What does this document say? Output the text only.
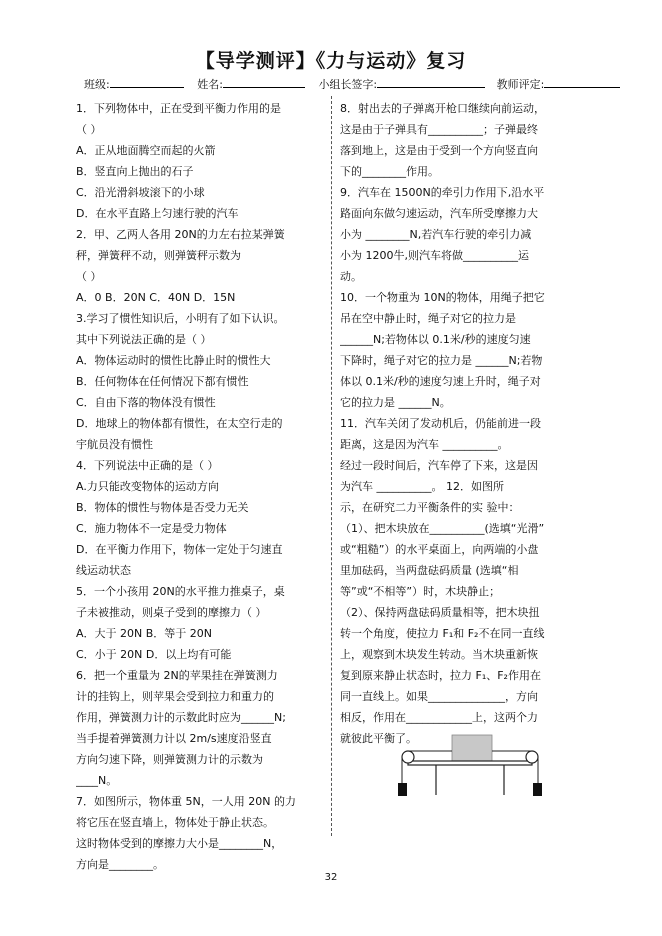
【导学测评】《力与运动》复习
班级:	姓名:	小组长签字:	教师评定:
1．下列物体中，正在受到平衡力作用的是
（ ）
A．正从地面腾空而起的火箭
B．竖直向上抛出的石子
C．沿光滑斜坡滚下的小球
D．在水平直路上匀速行驶的汽车
2．甲、乙两人各用 20N的力左右拉某弹簧
秤，弹簧秤不动，则弹簧秤示数为
（ ）
A．0 B．20N C．40N D．15N
3.学习了惯性知识后，小明有了如下认识。
其中下列说法正确的是（ ）
A．物体运动时的惯性比静止时的惯性大
B．任何物体在任何情况下都有惯性
C．自由下落的物体没有惯性
D．地球上的物体都有惯性，在太空行走的
宇航员没有惯性
4．下列说法中正确的是（ ）
A.力只能改变物体的运动方向
B．物体的惯性与物体是否受力无关
C．施力物体不一定是受力物体
D．在平衡力作用下，物体一定处于匀速直
线运动状态
5．一个小孩用 20N的水平推力推桌子，桌
子未被推动，则桌子受到的摩擦力（ ）
A．大于 20N B．等于 20N
C．小于 20N D．以上均有可能
6．把一个重量为 2N的苹果挂在弹簧测力
计的挂钩上，则苹果会受到拉力和重力的
作用，弹簧测力计的示数此时应为______N;
当手提着弹簧测力计以 2m/s速度沿竖直
方向匀速下降，则弹簧测力计的示数为
____N。
7．如图所示，物体重 5N，一人用 20N 的力
将它压在竖直墙上，物体处于静止状态。
这时物体受到的摩擦力大小是________N，
方向是________。
8．射出去的子弹离开枪口继续向前运动，
这是由于子弹具有__________；子弹最终
落到地上，这是由于受到一个方向竖直向
下的________作用。
9．汽车在 1500N的牵引力作用下,沿水平
路面向东做匀速运动，汽车所受摩擦力大
小为 ________N,若汽车行驶的牵引力减
小为 1200牛,则汽车将做__________运
动。
10．一个物重为 10N的物体，用绳子把它
吊在空中静止时，绳子对它的拉力是
______N;若物体以 0.1米/秒的速度匀速
下降时，绳子对它的拉力是 ______N;若物
体以 0.1米/秒的速度匀速上升时，绳子对
它的拉力是 ______N。
11．汽车关闭了发动机后，仍能前进一段
距离，这是因为汽车 __________。
经过一段时间后，汽车停了下来，这是因
为汽车 __________。 12．如图所
示，在研究二力平衡条件的实 验中：
（1）、把木块放在__________(选填“光滑”
或“粗糙”）的水平桌面上，向两端的小盘
里加砝码，当两盘砝码质量 (选填“相
等”或“不相等”）时，木块静止；
（2）、保持两盘砝码质量相等，把木块扭
转一个角度，使拉力 F₁和 F₂不在同一直线
上，观察到木块发生转动。当木块重新恢
复到原来静止状态时，拉力 F₁、F₂作用在
同一直线上。如果______________，方向
相反，作用在____________上，这两个力
就彼此平衡了。
32
